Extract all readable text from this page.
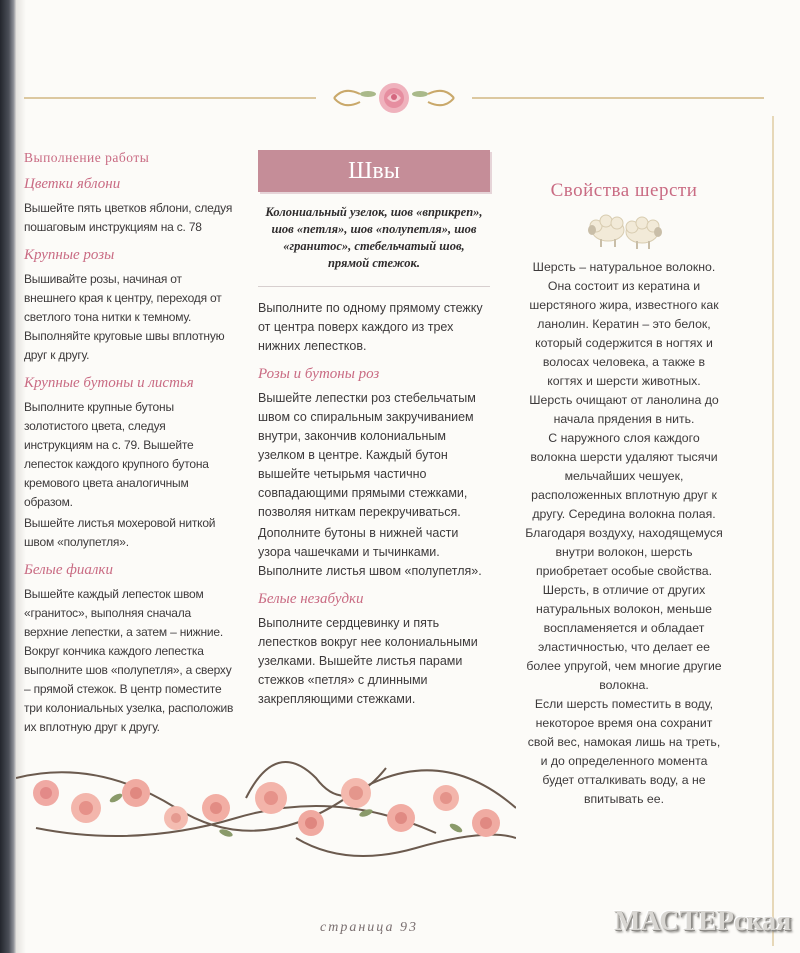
Выполнение работы

Цветки яблони

Вышейте пять цветков яблони, следуя пошаговым инструкциям на с. 78

Крупные розы

Вышивайте розы, начиная от внешнего края к центру, переходя от светлого тона нитки к темному. Выполняйте круговые швы вплотную друг к другу.

Крупные бутоны и листья

Выполните крупные бутоны золотистого цвета, следуя инструкциям на с. 79. Вышейте лепесток каждого крупного бутона кремового цвета аналогичным образом.

Вышейте листья мохеровой ниткой швом «полупетля».

Белые фиалки

Вышейте каждый лепесток швом «гранитос», выполняя сначала верхние лепестки, а затем – нижние. Вокруг кончика каждого лепестка выполните шов «полупетля», а сверху – прямой стежок. В центр поместите три колониальных узелка, расположив их вплотную друг к другу.

Швы

Колониальный узелок, шов «вприкреп», шов «петля», шов «полупетля», шов «гранитос», стебельчатый шов, прямой стежок.

Выполните по одному прямому стежку от центра поверх каждого из трех нижних лепестков.

Розы и бутоны роз

Вышейте лепестки роз стебельчатым швом со спиральным закручиванием внутри, закончив колониальным узелком в центре. Каждый бутон вышейте четырьмя частично совпадающими прямыми стежками, позволяя ниткам перекручиваться.

Дополните бутоны в нижней части узора чашечками и тычинками. Выполните листья швом «полупетля».

Белые незабудки

Выполните сердцевинку и пять лепестков вокруг нее колониальными узелками. Вышейте листья парами стежков «петля» с длинными закрепляющими стежками.

Свойства шерсти

Шерсть – натуральное волокно. Она состоит из кератина и шерстяного жира, известного как ланолин. Кератин – это белок, который содержится в ногтях и волосах человека, а также в когтях и шерсти животных. Шерсть очищают от ланолина до начала прядения в нить.

С наружного слоя каждого волокна шерсти удаляют тысячи мельчайших чешуек, расположенных вплотную друг к другу. Середина волокна полая. Благодаря воздуху, находящемуся внутри волокон, шерсть приобретает особые свойства.

Шерсть, в отличие от других натуральных волокон, меньше воспламеняется и обладает эластичностью, что делает ее более упругой, чем многие другие волокна.

Если шерсть поместить в воду, некоторое время она сохранит свой вес, намокая лишь на треть, и до определенного момента будет отталкивать воду, а не впитывать ее.

страница 93	МАСТЕРская
